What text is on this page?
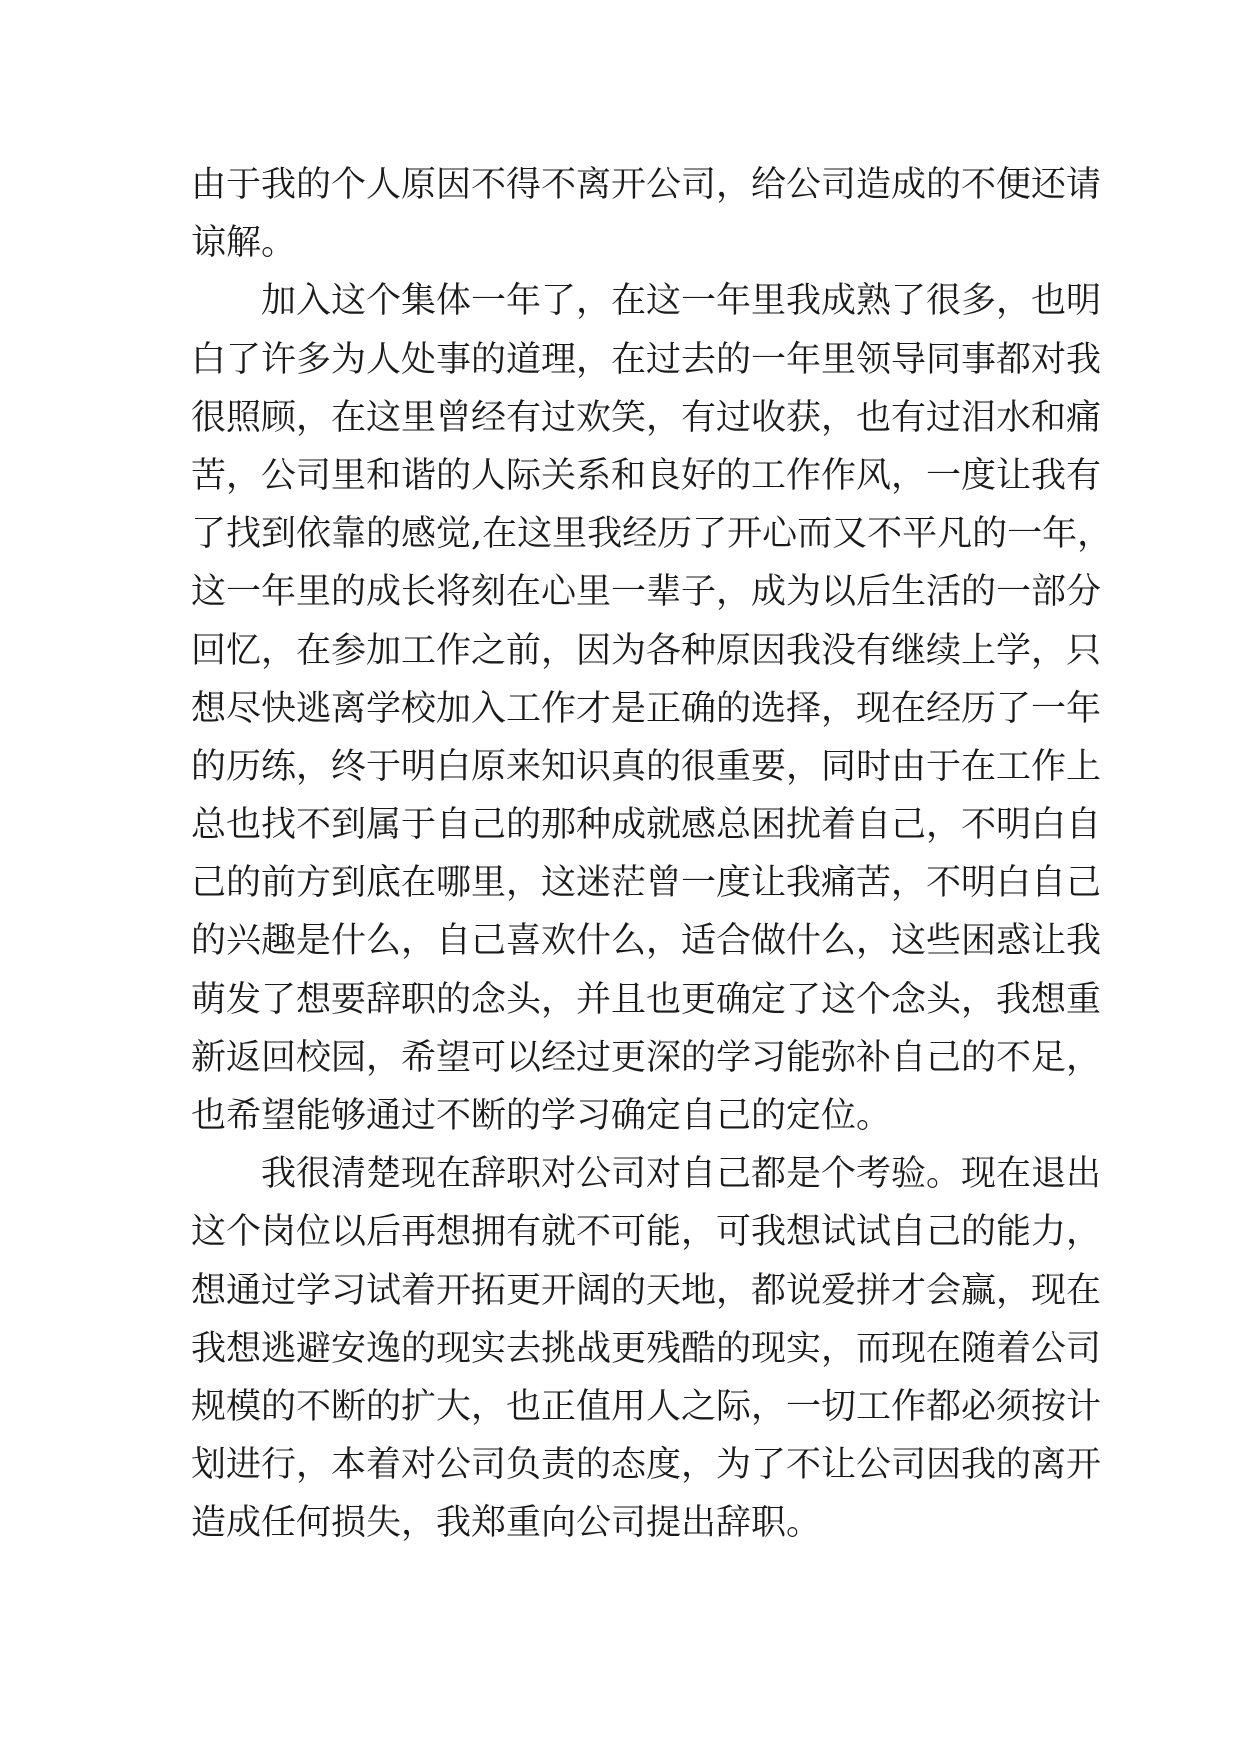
由于我的个人原因不得不离开公司，给公司造成的不便还请
谅解。

加入这个集体一年了，在这一年里我成熟了很多，也明
白了许多为人处事的道理，在过去的一年里领导同事都对我
很照顾，在这里曾经有过欢笑，有过收获，也有过泪水和痛
苦，公司里和谐的人际关系和良好的工作作风，一度让我有
了找到依靠的感觉,在这里我经历了开心而又不平凡的一年，
这一年里的成长将刻在心里一辈子，成为以后生活的一部分
回忆，在参加工作之前，因为各种原因我没有继续上学，只
想尽快逃离学校加入工作才是正确的选择，现在经历了一年
的历练，终于明白原来知识真的很重要，同时由于在工作上
总也找不到属于自己的那种成就感总困扰着自己，不明白自
己的前方到底在哪里，这迷茫曾一度让我痛苦，不明白自己
的兴趣是什么，自己喜欢什么，适合做什么，这些困惑让我
萌发了想要辞职的念头，并且也更确定了这个念头，我想重
新返回校园，希望可以经过更深的学习能弥补自己的不足，
也希望能够通过不断的学习确定自己的定位。

我很清楚现在辞职对公司对自己都是个考验。现在退出
这个岗位以后再想拥有就不可能，可我想试试自己的能力，
想通过学习试着开拓更开阔的天地，都说爱拼才会赢，现在
我想逃避安逸的现实去挑战更残酷的现实，而现在随着公司
规模的不断的扩大，也正值用人之际，一切工作都必须按计
划进行，本着对公司负责的态度，为了不让公司因我的离开
造成任何损失，我郑重向公司提出辞职。
